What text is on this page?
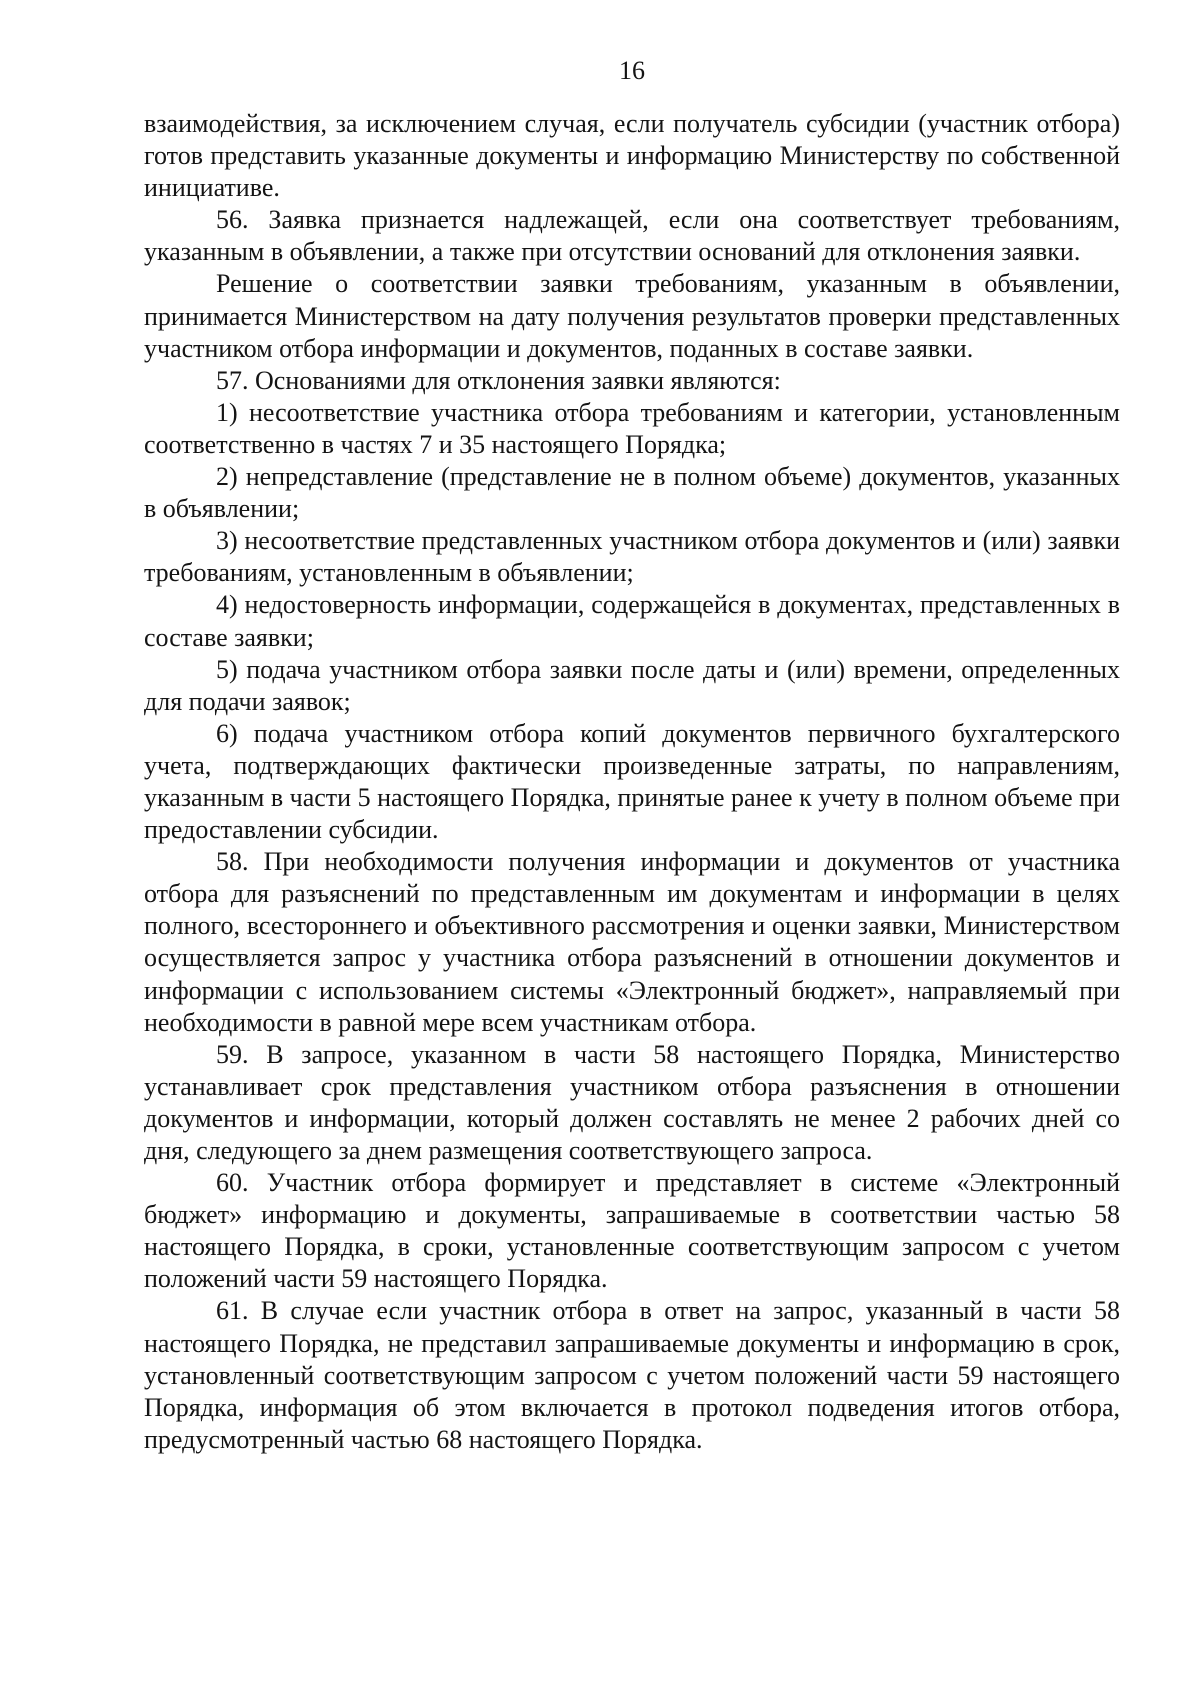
16

взаимодействия, за исключением случая, если получатель субсидии (участник отбора) готов представить указанные документы и информацию Министерству по собственной инициативе.

56. Заявка признается надлежащей, если она соответствует требованиям, указанным в объявлении, а также при отсутствии оснований для отклонения заявки.

Решение о соответствии заявки требованиям, указанным в объявлении, принимается Министерством на дату получения результатов проверки представленных участником отбора информации и документов, поданных в составе заявки.

57. Основаниями для отклонения заявки являются:

1) несоответствие участника отбора требованиям и категории, установленным соответственно в частях 7 и 35 настоящего Порядка;

2) непредставление (представление не в полном объеме) документов, указанных в объявлении;

3) несоответствие представленных участником отбора документов и (или) заявки требованиям, установленным в объявлении;

4) недостоверность информации, содержащейся в документах, представленных в составе заявки;

5) подача участником отбора заявки после даты и (или) времени, определенных для подачи заявок;

6) подача участником отбора копий документов первичного бухгалтерского учета, подтверждающих фактически произведенные затраты, по направлениям, указанным в части 5 настоящего Порядка, принятые ранее к учету в полном объеме при предоставлении субсидии.

58. При необходимости получения информации и документов от участника отбора для разъяснений по представленным им документам и информации в целях полного, всестороннего и объективного рассмотрения и оценки заявки, Министерством осуществляется запрос у участника отбора разъяснений в отношении документов и информации с использованием системы «Электронный бюджет», направляемый при необходимости в равной мере всем участникам отбора.

59. В запросе, указанном в части 58 настоящего Порядка, Министерство устанавливает срок представления участником отбора разъяснения в отношении документов и информации, который должен составлять не менее 2 рабочих дней со дня, следующего за днем размещения соответствующего запроса.

60. Участник отбора формирует и представляет в системе «Электронный бюджет» информацию и документы, запрашиваемые в соответствии частью 58 настоящего Порядка, в сроки, установленные соответствующим запросом с учетом положений части 59 настоящего Порядка.

61. В случае если участник отбора в ответ на запрос, указанный в части 58 настоящего Порядка, не представил запрашиваемые документы и информацию в срок, установленный соответствующим запросом с учетом положений части 59 настоящего Порядка, информация об этом включается в протокол подведения итогов отбора, предусмотренный частью 68 настоящего Порядка.
